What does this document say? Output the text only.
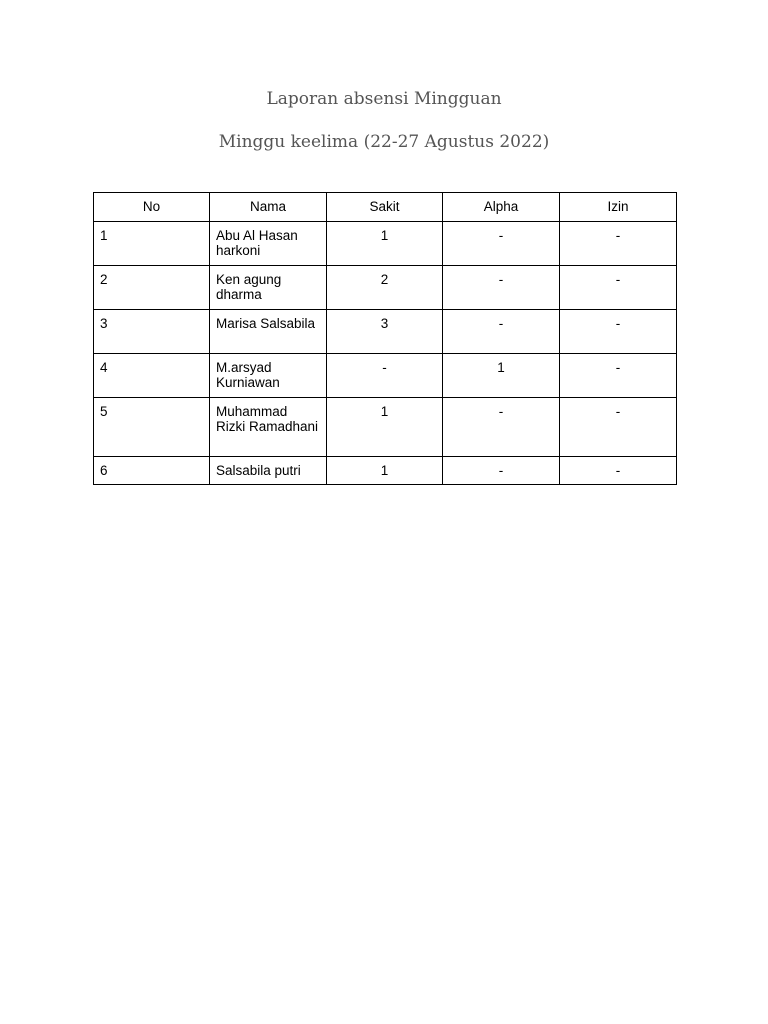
Laporan absensi Mingguan
Minggu keelima (22-27 Agustus 2022)
No	Nama	Sakit	Alpha	Izin
1	Abu Al Hasan harkoni	1	-	-
2	Ken agung dharma	2	-	-
3	Marisa Salsabila	3	-	-
4	M.arsyad Kurniawan	-	1	-
5	Muhammad Rizki Ramadhani	1	-	-
6	Salsabila putri	1	-	-
